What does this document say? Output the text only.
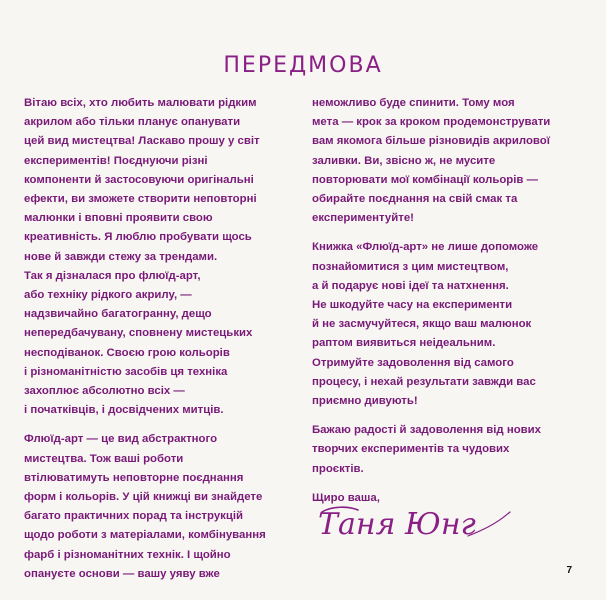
ПЕРЕДМОВА

Вітаю всіх, хто любить малювати рідким
акрилом або тільки планує опанувати
цей вид мистецтва! Ласкаво прошу у світ
експериментів! Поєднуючи різні
компоненти й застосовуючи оригінальні
ефекти, ви зможете створити неповторні
малюнки і вповні проявити свою
креативність. Я люблю пробувати щось
нове й завжди стежу за трендами.
Так я дізналася про флюїд-арт,
або техніку рідкого акрилу, —
надзвичайно багатогранну, дещо
непередбачувану, сповнену мистецьких
несподіванок. Своєю грою кольорів
і різноманітністю засобів ця техніка
захоплює абсолютно всіх —
і початківців, і досвідчених митців.

Флюїд-арт — це вид абстрактного
мистецтва. Тож ваші роботи
втілюватимуть неповторне поєднання
форм і кольорів. У цій книжці ви знайдете
багато практичних порад та інструкцій
щодо роботи з матеріалами, комбінування
фарб і різноманітних технік. І щойно
опануєте основи — вашу уяву вже

неможливо буде спинити. Тому моя
мета — крок за кроком продемонструвати
вам якомога більше різновидів акрилової
заливки. Ви, звісно ж, не мусите
повторювати мої комбінації кольорів —
обирайте поєднання на свій смак та
експериментуйте!

Книжка «Флюїд-арт» не лише допоможе
познайомитися з цим мистецтвом,
а й подарує нові ідеї та натхнення.
Не шкодуйте часу на експерименти
й не засмучуйтеся, якщо ваш малюнок
раптом виявиться неідеальним.
Отримуйте задоволення від самого
процесу, і нехай результати завжди вас
приємно дивують!

Бажаю радості й задоволення від нових
творчих експериментів та чудових
проєктів.

Щиро ваша,

Таня Юнг
7
